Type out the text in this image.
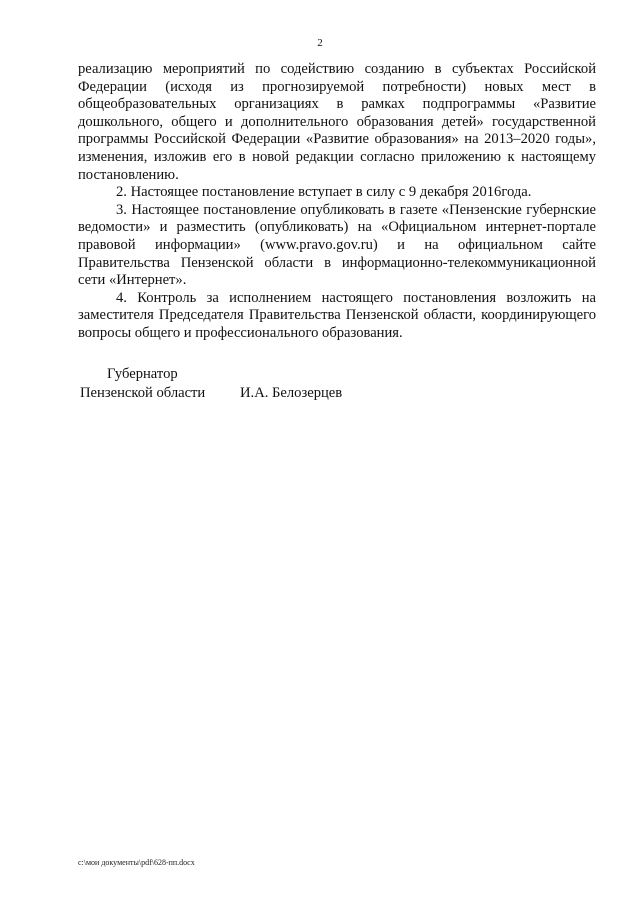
2

реализацию мероприятий по содействию созданию в субъектах Российской Федерации (исходя из прогнозируемой потребности) новых мест в общеобразовательных организациях в рамках подпрограммы «Развитие дошкольного, общего и дополнительного образования детей» государственной программы Российской Федерации «Развитие образования» на 2013–2020 годы», изменения, изложив его в новой редакции согласно приложению к настоящему постановлению.

2. Настоящее постановление вступает в силу с 9 декабря 2016года.

3. Настоящее постановление опубликовать в газете «Пензенские губернские ведомости» и разместить (опубликовать) на «Официальном интернет-портале правовой информации» (www.pravo.gov.ru) и на официальном сайте Правительства Пензенской области в информационно-телекоммуникационной сети «Интернет».

4. Контроль за исполнением настоящего постановления возложить на заместителя Председателя Правительства Пензенской области, координирующего вопросы общего и профессионального образования.

Губернатор
Пензенской области И.А. Белозерцев
c:\мои документы\pdf\628-пп.docx
